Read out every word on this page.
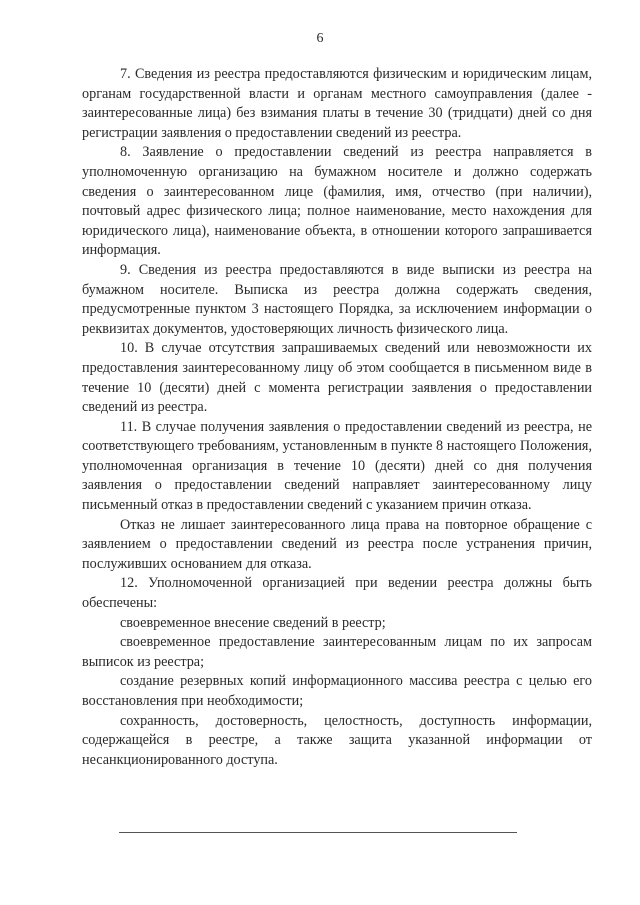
6

7. Сведения из реестра предоставляются физическим и юридическим лицам, органам государственной власти и органам местного самоуправления (далее - заинтересованные лица) без взимания платы в течение 30 (тридцати) дней со дня регистрации заявления о предоставлении сведений из реестра.

8. Заявление о предоставлении сведений из реестра направляется в уполномоченную организацию на бумажном носителе и должно содержать сведения о заинтересованном лице (фамилия, имя, отчество (при наличии), почтовый адрес физического лица; полное наименование, место нахождения для юридического лица), наименование объекта, в отношении которого запрашивается информация.

9. Сведения из реестра предоставляются в виде выписки из реестра на бумажном носителе. Выписка из реестра должна содержать сведения, предусмотренные пунктом 3 настоящего Порядка, за исключением информации о реквизитах документов, удостоверяющих личность физического лица.

10. В случае отсутствия запрашиваемых сведений или невозможности их предоставления заинтересованному лицу об этом сообщается в письменном виде в течение 10 (десяти) дней с момента регистрации заявления о предоставлении сведений из реестра.

11. В случае получения заявления о предоставлении сведений из реестра, не соответствующего требованиям, установленным в пункте 8 настоящего Положения, уполномоченная организация в течение 10 (десяти) дней со дня получения заявления о предоставлении сведений направляет заинтересованному лицу письменный отказ в предоставлении сведений с указанием причин отказа.

Отказ не лишает заинтересованного лица права на повторное обращение с заявлением о предоставлении сведений из реестра после устранения причин, послуживших основанием для отказа.

12. Уполномоченной организацией при ведении реестра должны быть обеспечены:

своевременное внесение сведений в реестр;

своевременное предоставление заинтересованным лицам по их запросам выписок из реестра;

создание резервных копий информационного массива реестра с целью его восстановления при необходимости;

сохранность, достоверность, целостность, доступность информации, содержащейся в реестре, а также защита указанной информации от несанкционированного доступа.
